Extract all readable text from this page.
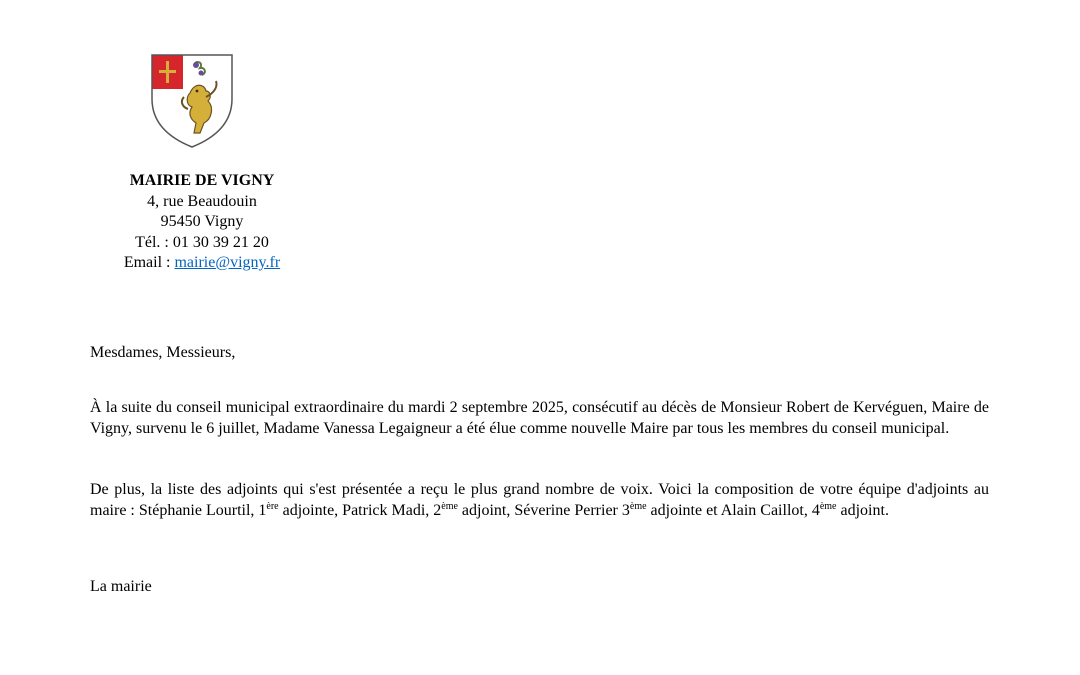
MAIRIE DE VIGNY
4, rue Beaudouin
95450 Vigny
Tél. : 01 30 39 21 20
Email : mairie@vigny.fr
Mesdames, Messieurs,
À la suite du conseil municipal extraordinaire du mardi 2 septembre 2025, consécutif au décès de Monsieur Robert de Kervéguen, Maire de Vigny, survenu le 6 juillet, Madame Vanessa Legaigneur a été élue comme nouvelle Maire par tous les membres du conseil municipal.
De plus, la liste des adjoints qui s'est présentée a reçu le plus grand nombre de voix. Voici la composition de votre équipe d'adjoints au maire : Stéphanie Lourtil, 1ère adjointe, Patrick Madi, 2ème adjoint, Séverine Perrier 3ème adjointe et Alain Caillot, 4ème adjoint.
La mairie
